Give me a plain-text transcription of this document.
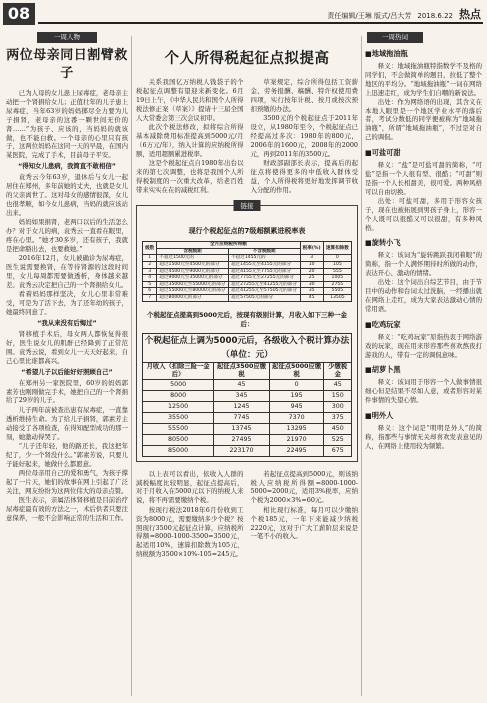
08	责任编辑/王琳 版式/吕大芳 2018.6.22 热点
一周人物
两位母亲同日割臂救子

已为人母的女儿患上尿毒症，老母亲主动把一个肾捐给女儿；正值壮年的儿子患上尿毒症，当年63岁的妈妈掷尽全力要为儿子捐肾，老母亲的这番一颗世间无价的肾……”为孩子、应该的，当妈妈的就该做，也不能白救。一个母亲的心里只有孩子，这两位妈妈在这同一天的早晨，在国内某医院，完成了手术，目前母子平安。

“得知女儿患病，我简直不敢相信”

袁秀云今年63岁，退休后与女儿一起居住在郑州，多年前她的丈夫，也就是女儿的父亲离世了。这对母女的感情很深，女儿也很孝顺，如今女儿患病，当妈的就应该站出来。

妈妈如果捐肾，老两口以后的生活怎么办？对于女儿的病，袁秀云一直看在眼里，疼在心里。“她才30多岁，还有孩子，我就是把命豁出去，也要救她。”

2016年12月，女儿被确诊为尿毒症，医生说需要换肾，在等待肾源的这段时间里，女儿每周都需要做透析，身体越来越差。袁秀云决定把自己的一个肾捐给女儿。

看着妈妈那样坚决，女儿心里非常难受，可是为了活下去，为了还年幼的孩子，她最终同意了。

“我从来没有后悔过”

肾移植手术后，母女两人都恢复得很好，医生说女儿的肌酐已经降到了正常范围。袁秀云说，看到女儿一天天好起来，自己心里比谁都高兴。

“希望儿子以后能好好照顾自己”

在郑州另一家医院里，60岁的妈妈郭素芳也刚刚做完手术，她把自己的一个肾捐给了29岁的儿子。

儿子两年前被查出患有尿毒症，一直靠透析维持生命。为了给儿子捐肾，郭素芳主动接受了各项检查，在得知配型成功的那一刻，她激动得哭了。

“儿子还年轻，他的路还长，我这把年纪了，少一个肾没什么。”郭素芳说，只要儿子能好起来，她做什么都愿意。

两位母亲用自己的爱和勇气，为孩子撑起了一片天，她们的故事在网上引起了广泛关注，网友纷纷为这两位伟大的母亲点赞。

医生表示，亲属活体肾移植是目前治疗尿毒症最有效的方法之一，术后供者只要注意保养，一般不会影响正常的生活和工作。

个人所得税起征点拟提高

关系我国亿万纳税人钱袋子的个税起征点调整有望迎来新变化。6月19日上午，《中华人民共和国个人所得税法修正案（草案）》提请十三届全国人大常委会第三次会议初审。

此次个税法修改，拟将综合所得基本减除费用标准提高到5000元/月（6万元/年），纳入计算的应纳税所得额，适用超额累进税率。

这是个税起征点自1980年出台以来的第七次调整，也将是我国个人所得税制度的一次重大改革，给老百姓带来实实在在的减税红利。

草案规定，综合所得包括工资薪金、劳务报酬、稿酬、特许权使用费四项，实行按年计税、按月或按次预扣预缴的办法。

3500元的个税起征点于2011年设立，从1980年至今，个税起征点已经提高过多次：1980年的800元，2006年的1600元，2008年的2000元，再到2011年的3500元。

财政部副部长表示，提高后的起征点将使得更多的中低收入群体受益，个人所得税将更好地发挥调节收入分配的作用。

链接
现行个税起征点的7级超额累进税率表
级数	全月应纳税所得额		税率(%)	速算扣除数
	含税级距	不含税级距		
1	不超过1500元的	不超过1455元的	3	0
2	超过1500元至4500元的部分	超过1455元至4155元的部分	10	105
3	超过4500元至9000元的部分	超过4155元至7755元的部分	20	555
4	超过9000元至35000元的部分	超过7755元至27255元的部分	25	1005
5	超过35000元至55000元的部分	超过27255元至41255元的部分	30	2755
6	超过55000元至80000元的部分	超过41255元至57505元的部分	35	5505
7	超过80000元的部分	超过57505元的部分	45	13505
个税起征点提高到5000元后，按现有级别计算，月收入如下三种一金后：
个税起征点上调为5000元后，各级收入个税计算办法（单位：元）			
月收入（扣除三险一金后）	起征点3500应缴税	起征点5000应缴税	少缴税金
5000	45	0	45
8000	345	195	150
12500	1245	945	300
35500	7745	7370	375
55500	13745	13295	450
80500	27495	21970	525
85000	223170	22495	675

以上表可以看出，依收入人群的減税幅度比较明显，起征点提高后，对于月收入在5000元以下的纳税人来说，将不再需要缴纳个税。

按现行税法2018年6月份收到工资为8000元，需要缴纳多少个税？按照现行3500元起征点计算，应纳税所得额=8000-1000-3500=3500元，起适用10%，速算扣除数为105元，纳税额为3500×10%-105=245元。

若起征点提高到5000元，则该纳税人应纳税所得额=8000-1000-5000=2000元，适用3%税率，应纳个税为2000×3%=60元。

相比现行标准，每月可以少缴纳个税185元，一年下来能减少纳税2220元，这对于广大工薪阶层来说是一笔不小的收入。

一周热词
■地域拖油瓶

释义：地域拖油瓶特指数学不及格的同学们，不会做简单的题目，拉低了整个地区的平均分。“地域拖油瓶”一词在网络上迅速走红，成为学生们自嘲的新说法。

出处：作为网络语的出现，其含义在本地人眼里是一个地区学业水平的落后者，考试分数低的同学便被称为“地域拖油瓶”，所谓“地域拖油瓶”，不过是对自己的调侃。

■可盐可甜

释义：“盐”是可盐可甜的简称，“可盐”是指一个人很有型、很酷；“可甜”则是指一个人长相甜美，很可爱。两种风格可以自由切换。

出处：可盐可甜，多用于形容女孩子，现在也被拓展到男孩子身上，形容一个人既可以很酷又可以很甜，有多种风格。

■旋转小飞

释义：该词为“旋转跳跃我闭着眼”的简称，指一个人满怀期待时所做的动作，表达开心、激动的情绪。

出处：这个词出自综艺节目，由于节目中的动作和台词太过洗脑，一经播出就在网络上走红，成为大家表达激动心情的常用语。

■吃鸡玩家

释义：“吃鸡玩家”原指热衷于网络游戏的玩家，现在用来形容那些喜欢熬夜打游戏的人，带有一定的调侃意味。

■胡萝卜黑

释义：该词用于形容一个人做事情很细心但是结果不尽如人意，或者形容对某件事情的失望心情。

■明外人

释义：这个词是“明明是外人”的简称，指那些与事情无关却喜欢发表意见的人，在网络上使用较为频繁。
